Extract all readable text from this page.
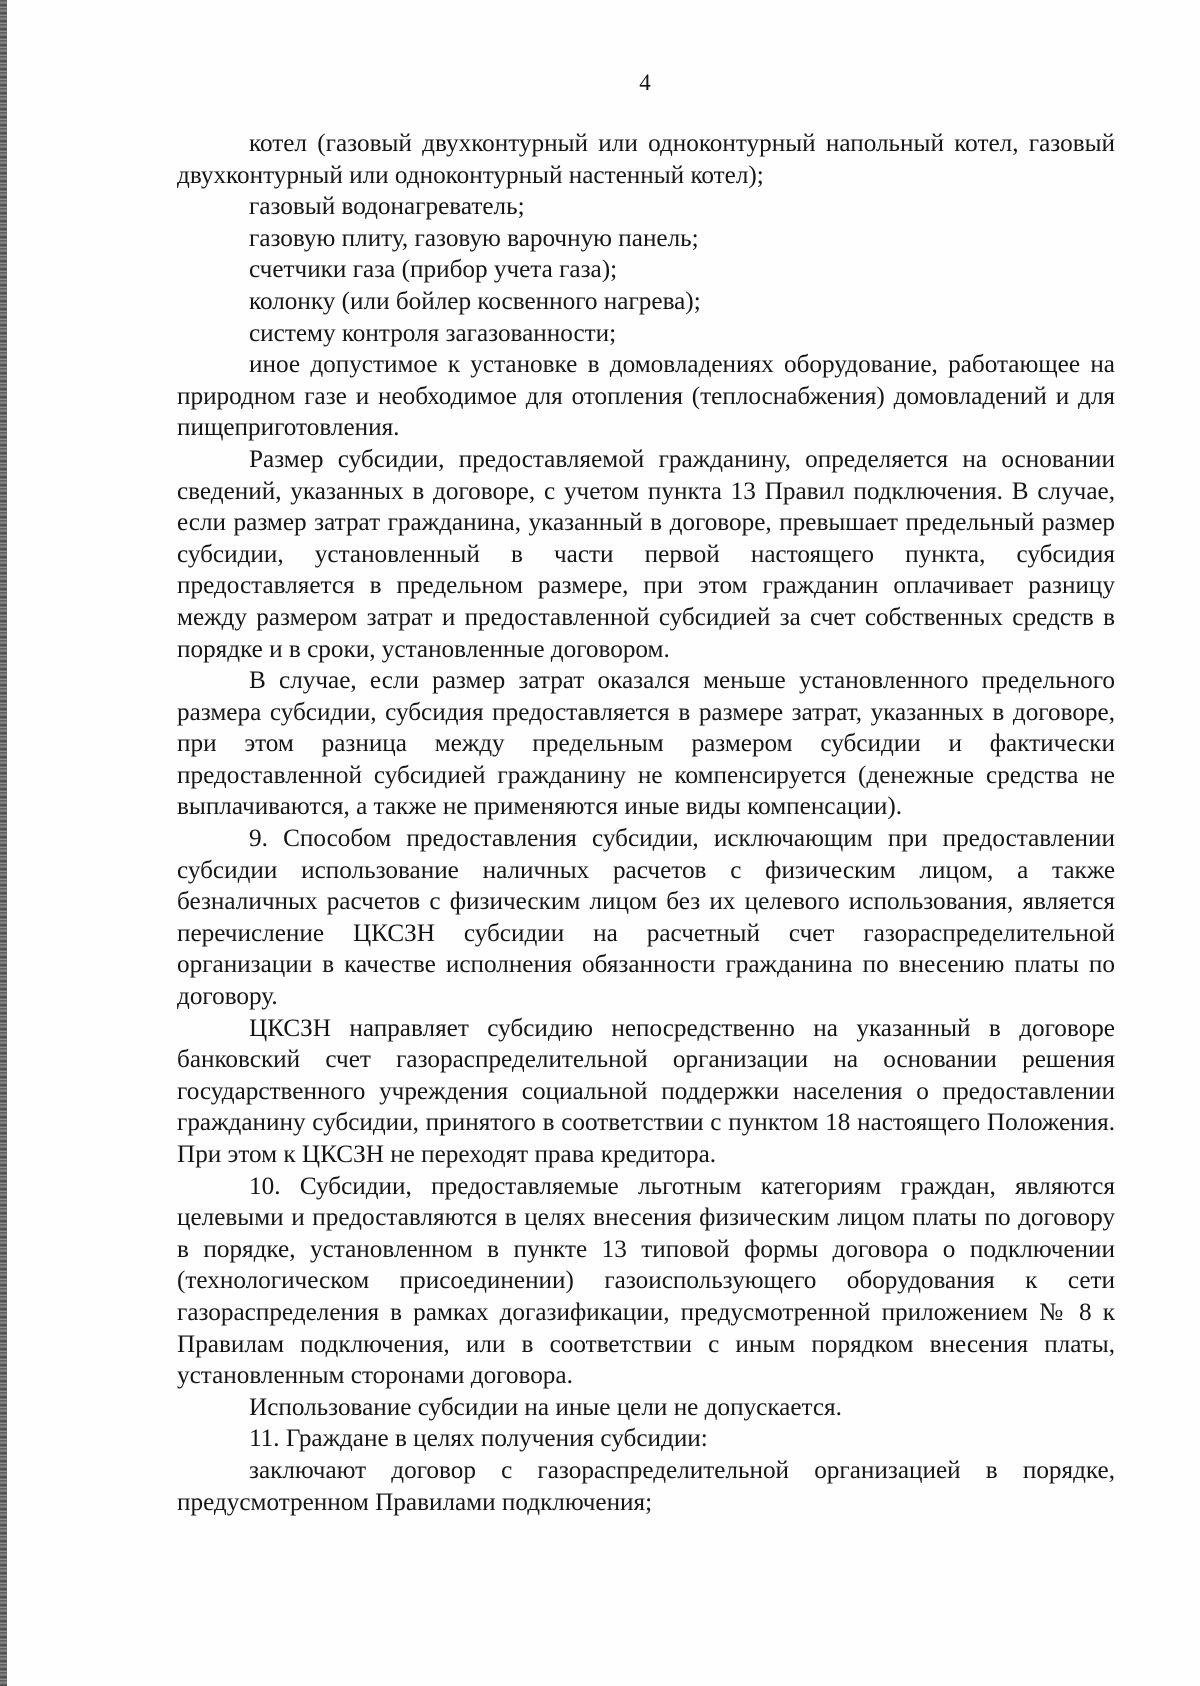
4

котел (газовый двухконтурный или одноконтурный напольный котел, газовый двухконтурный или одноконтурный настенный котел);

газовый водонагреватель;

газовую плиту, газовую варочную панель;

счетчики газа (прибор учета газа);

колонку (или бойлер косвенного нагрева);

систему контроля загазованности;

иное допустимое к установке в домовладениях оборудование, работающее на природном газе и необходимое для отопления (теплоснабжения) домовладений и для пищеприготовления.

Размер субсидии, предоставляемой гражданину, определяется на основании сведений, указанных в договоре, с учетом пункта 13 Правил подключения. В случае, если размер затрат гражданина, указанный в договоре, превышает предельный размер субсидии, установленный в части первой настоящего пункта, субсидия предоставляется в предельном размере, при этом гражданин оплачивает разницу между размером затрат и предоставленной субсидией за счет собственных средств в порядке и в сроки, установленные договором.

В случае, если размер затрат оказался меньше установленного предельного размера субсидии, субсидия предоставляется в размере затрат, указанных в договоре, при этом разница между предельным размером субсидии и фактически предоставленной субсидией гражданину не компенсируется (денежные средства не выплачиваются, а также не применяются иные виды компенсации).

9. Способом предоставления субсидии, исключающим при предоставлении субсидии использование наличных расчетов с физическим лицом, а также безналичных расчетов с физическим лицом без их целевого использования, является перечисление ЦКСЗН субсидии на расчетный счет газораспределительной организации в качестве исполнения обязанности гражданина по внесению платы по договору.

ЦКСЗН направляет субсидию непосредственно на указанный в договоре банковский счет газораспределительной организации на основании решения государственного учреждения социальной поддержки населения о предоставлении гражданину субсидии, принятого в соответствии с пунктом 18 настоящего Положения. При этом к ЦКСЗН не переходят права кредитора.

10. Субсидии, предоставляемые льготным категориям граждан, являются целевыми и предоставляются в целях внесения физическим лицом платы по договору в порядке, установленном в пункте 13 типовой формы договора о подключении (технологическом присоединении) газоиспользующего оборудования к сети газораспределения в рамках догазификации, предусмотренной приложением № 8 к Правилам подключения, или в соответствии с иным порядком внесения платы, установленным сторонами договора.

Использование субсидии на иные цели не допускается.

11. Граждане в целях получения субсидии:

заключают договор с газораспределительной организацией в порядке, предусмотренном Правилами подключения;
